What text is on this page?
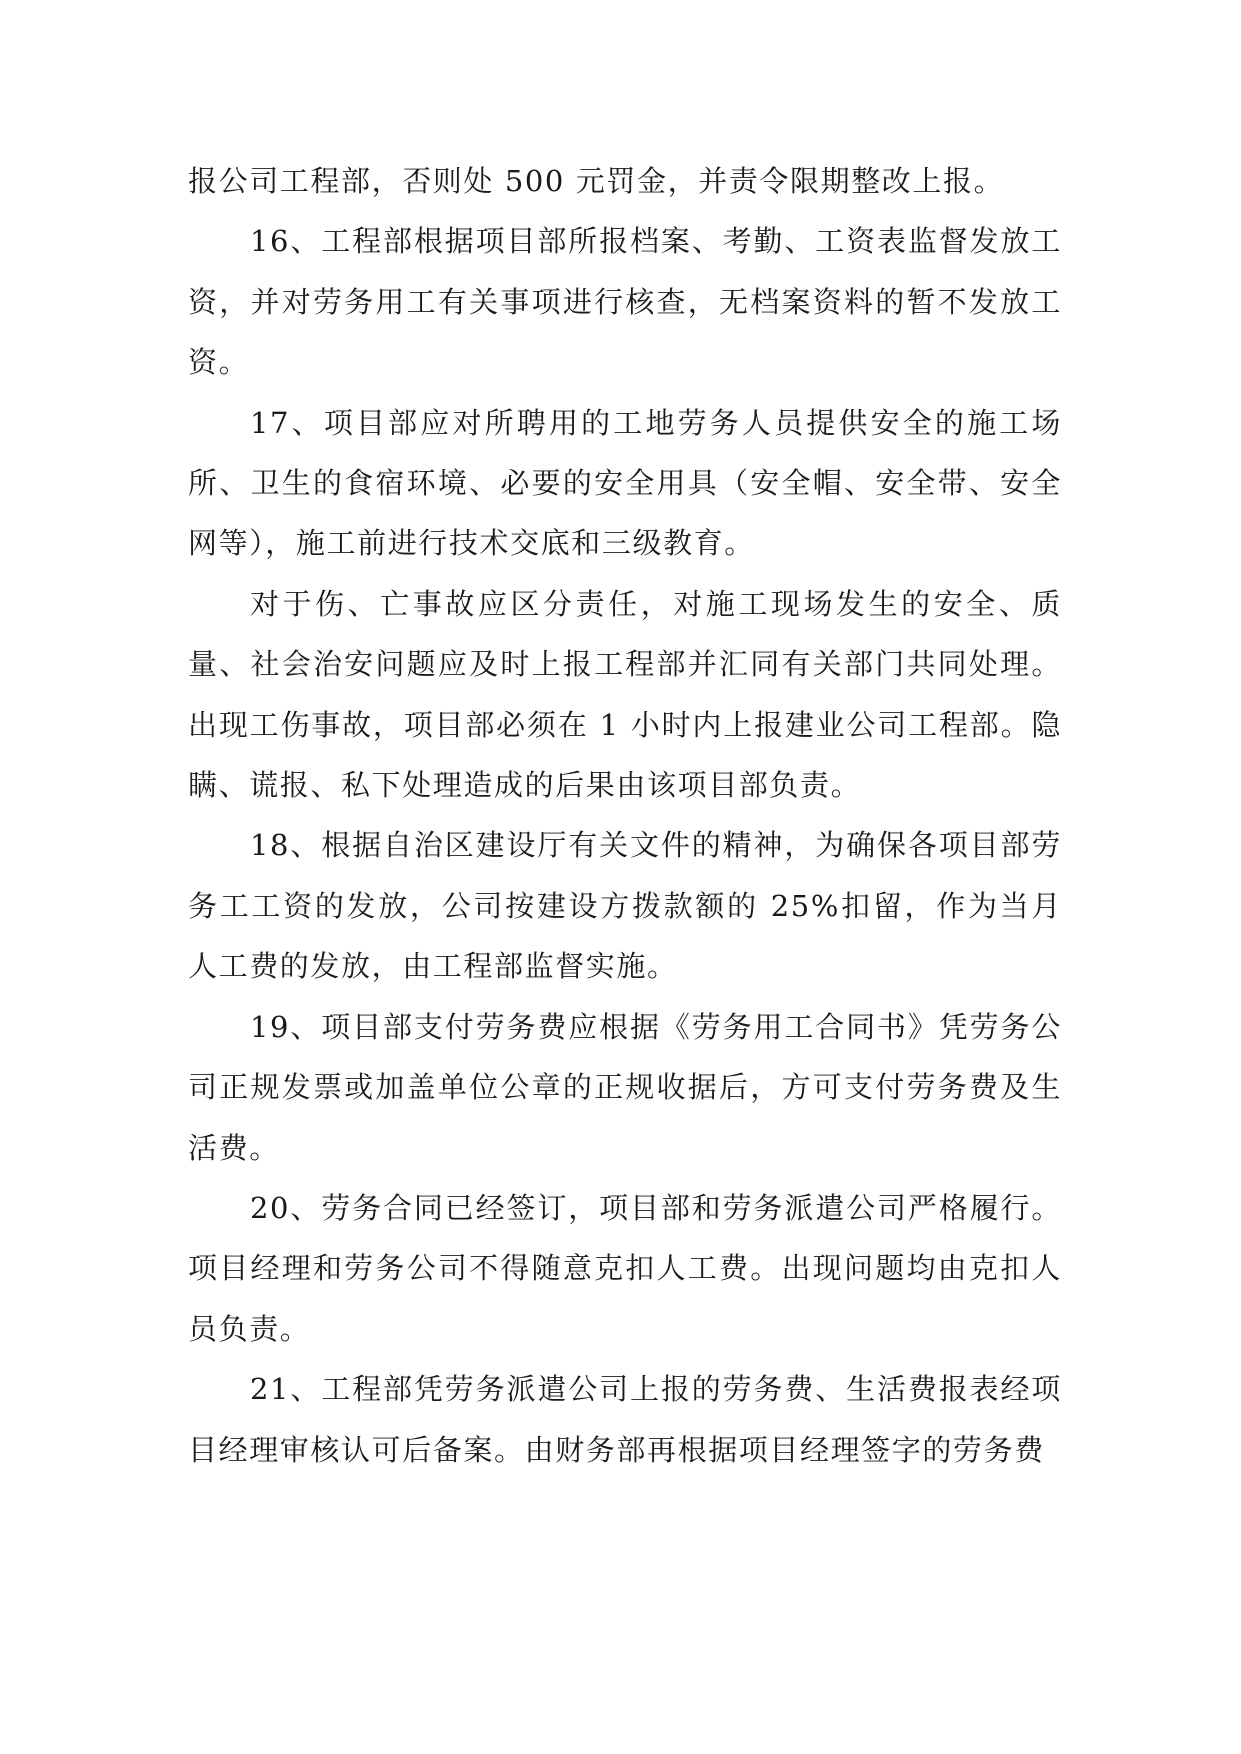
报公司工程部，否则处 500 元罚金，并责令限期整改上报。

16、工程部根据项目部所报档案、考勤、工资表监督发放工资，并对劳务用工有关事项进行核查，无档案资料的暂不发放工资。

17、项目部应对所聘用的工地劳务人员提供安全的施工场所、卫生的食宿环境、必要的安全用具（安全帽、安全带、安全网等），施工前进行技术交底和三级教育。

对于伤、亡事故应区分责任，对施工现场发生的安全、质量、社会治安问题应及时上报工程部并汇同有关部门共同处理。出现工伤事故，项目部必须在 1 小时内上报建业公司工程部。隐瞒、谎报、私下处理造成的后果由该项目部负责。

18、根据自治区建设厅有关文件的精神，为确保各项目部劳务工工资的发放，公司按建设方拨款额的 25%扣留，作为当月人工费的发放，由工程部监督实施。

19、项目部支付劳务费应根据《劳务用工合同书》凭劳务公司正规发票或加盖单位公章的正规收据后，方可支付劳务费及生活费。

20、劳务合同已经签订，项目部和劳务派遣公司严格履行。项目经理和劳务公司不得随意克扣人工费。出现问题均由克扣人员负责。

21、工程部凭劳务派遣公司上报的劳务费、生活费报表经项目经理审核认可后备案。由财务部再根据项目经理签字的劳务费
